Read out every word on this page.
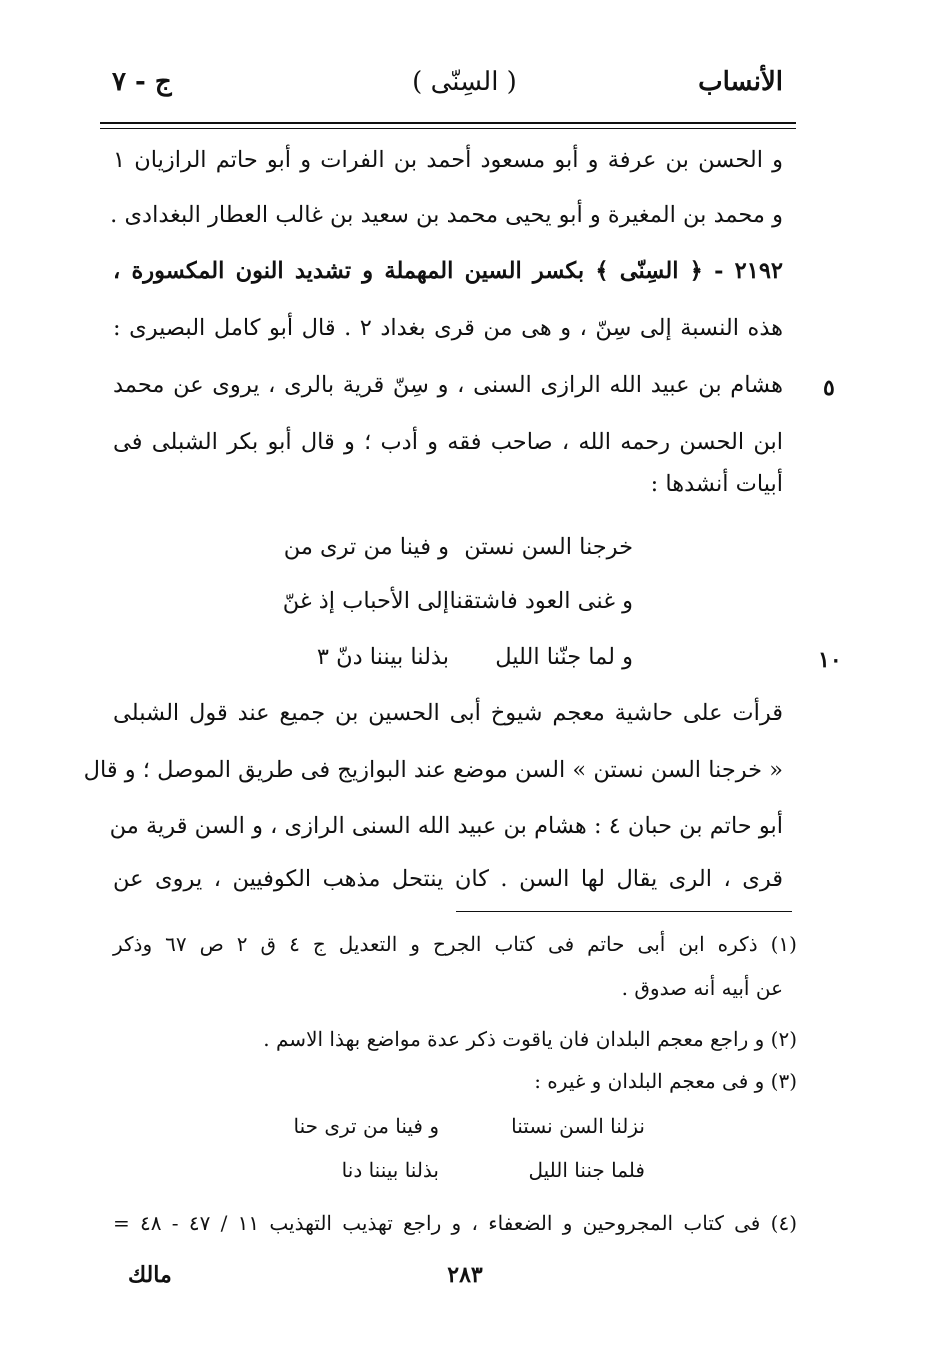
الأنساب
( السِنّى )
ج - ٧
و الحسن بن عرفة و أبو مسعود أحمد بن الفرات و أبو حاتم الرازيان ١
و محمد بن المغيرة و أبو يحيى محمد بن سعيد بن غالب العطار البغدادى .
٢١٩٢ - ﴿ السِنّى ﴾ بكسر السين المهملة و تشديد النون المكسورة ،
هذه النسبة إلى سِنّ ، و هى من قرى بغداد ٢ . قال أبو كامل البصيرى :
هشام بن عبيد الله الرازى السنى ، و سِنّ قرية بالرى ، يروى عن محمد
ابن الحسن رحمه الله ، صاحب فقه و أدب ؛ و قال أبو بكر الشبلى فى
أبيات أنشدها :
٥
١٠
خرجنا السن نستن
و فينا من ترى من
و غنى العود فاشتقنا
إلى الأحباب إذ غنّ
و لما جنّنا الليل
بذلنا بيننا دنّ ٣
قرأت على حاشية معجم شيوخ أبى الحسين بن جميع عند قول الشبلى
« خرجنا السن نستن » السن موضع عند البوازيج فى طريق الموصل ؛ و قال
أبو حاتم بن حبان ٤ : هشام بن عبيد الله السنى الرازى ، و السن قرية من
قرى ، الرى يقال لها السن . كان ينتحل مذهب الكوفيين ، يروى عن
(١) ذكره ابن أبى حاتم فى كتاب الجرح و التعديل ج ٤ ق ٢ ص ٦٧ وذكر
عن أبيه أنه صدوق .
(٢) و راجع معجم البلدان فان ياقوت ذكر عدة مواضع بهذا الاسم .
(٣) و فى معجم البلدان و غيره :
نزلنا السن نستنا
و فينا من ترى حنا
فلما جننا الليل
بذلنا بيننا دنا
(٤) فى كتاب المجروحين و الضعفاء ، و راجع تهذيب التهذيب ١١ / ٤٧ - ٤٨ =
٢٨٣
مالك
